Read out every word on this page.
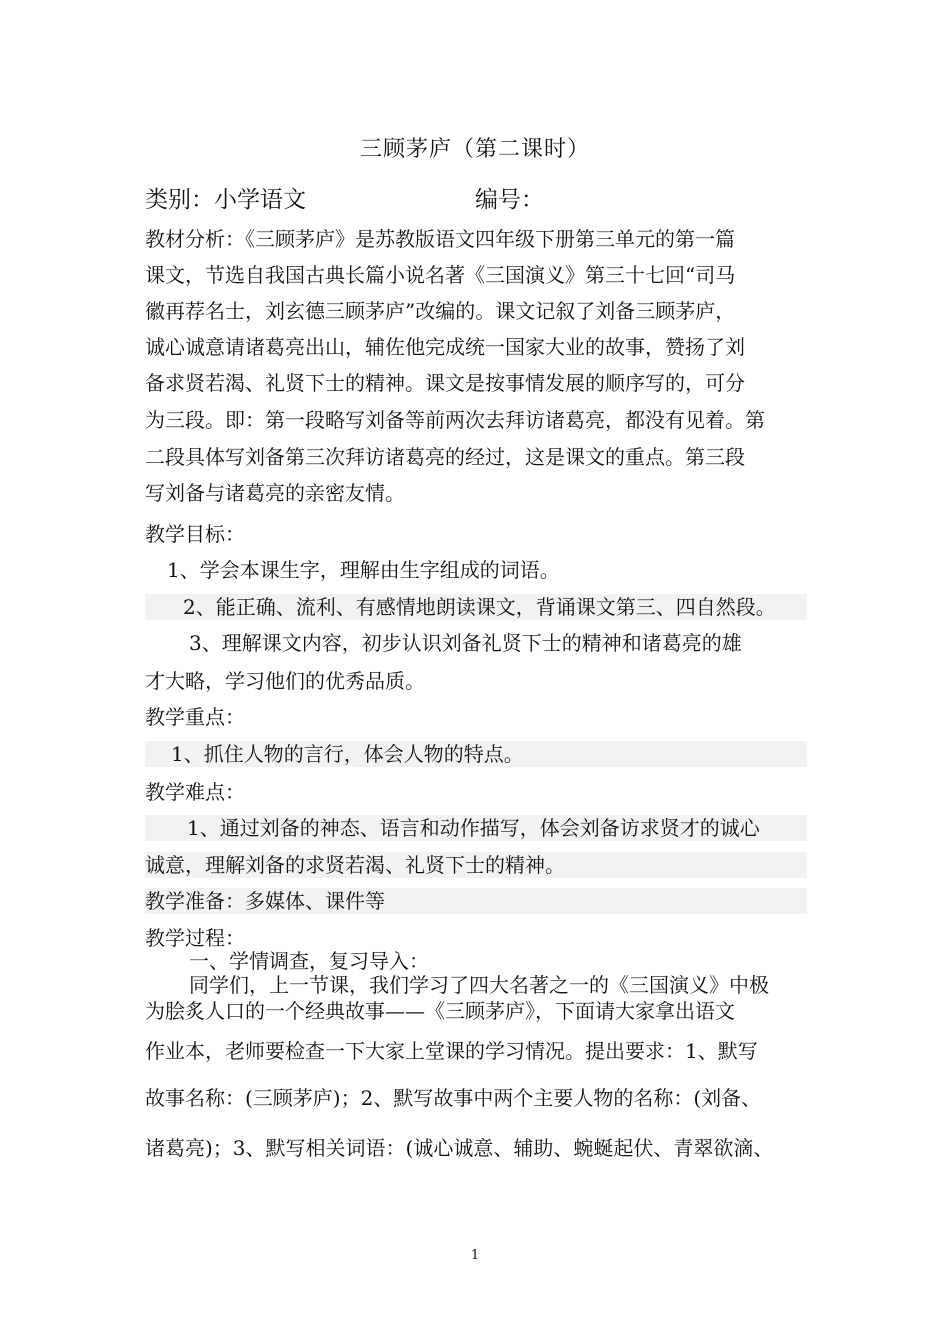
三顾茅庐（第二课时）
类别：小学语文	编号：
教材分析：《三顾茅庐》是苏教版语文四年级下册第三单元的第一篇
课文，节选自我国古典长篇小说名著《三国演义》第三十七回“司马
徽再荐名士，刘玄德三顾茅庐”改编的。课文记叙了刘备三顾茅庐，
诚心诚意请诸葛亮出山，辅佐他完成统一国家大业的故事，赞扬了刘
备求贤若渴、礼贤下士的精神。课文是按事情发展的顺序写的，可分
为三段。即：第一段略写刘备等前两次去拜访诸葛亮，都没有见着。第
二段具体写刘备第三次拜访诸葛亮的经过，这是课文的重点。第三段
写刘备与诸葛亮的亲密友情。
教学目标：
1、学会本课生字，理解由生字组成的词语。
2、能正确、流利、有感情地朗读课文，背诵课文第三、四自然段。
3、理解课文内容，初步认识刘备礼贤下士的精神和诸葛亮的雄
才大略，学习他们的优秀品质。
教学重点：
1、抓住人物的言行，体会人物的特点。
教学难点：
1、通过刘备的神态、语言和动作描写，体会刘备访求贤才的诚心
诚意，理解刘备的求贤若渴、礼贤下士的精神。
教学准备：多媒体、课件等
教学过程：
一、学情调查，复习导入：
同学们，上一节课，我们学习了四大名著之一的《三国演义》中极
为脍炙人口的一个经典故事——《三顾茅庐》，下面请大家拿出语文
作业本，老师要检查一下大家上堂课的学习情况。提出要求：1、默写
故事名称：(三顾茅庐)；2、默写故事中两个主要人物的名称：(刘备、
诸葛亮)；3、默写相关词语：(诚心诚意、辅助、蜿蜒起伏、青翠欲滴、
1
